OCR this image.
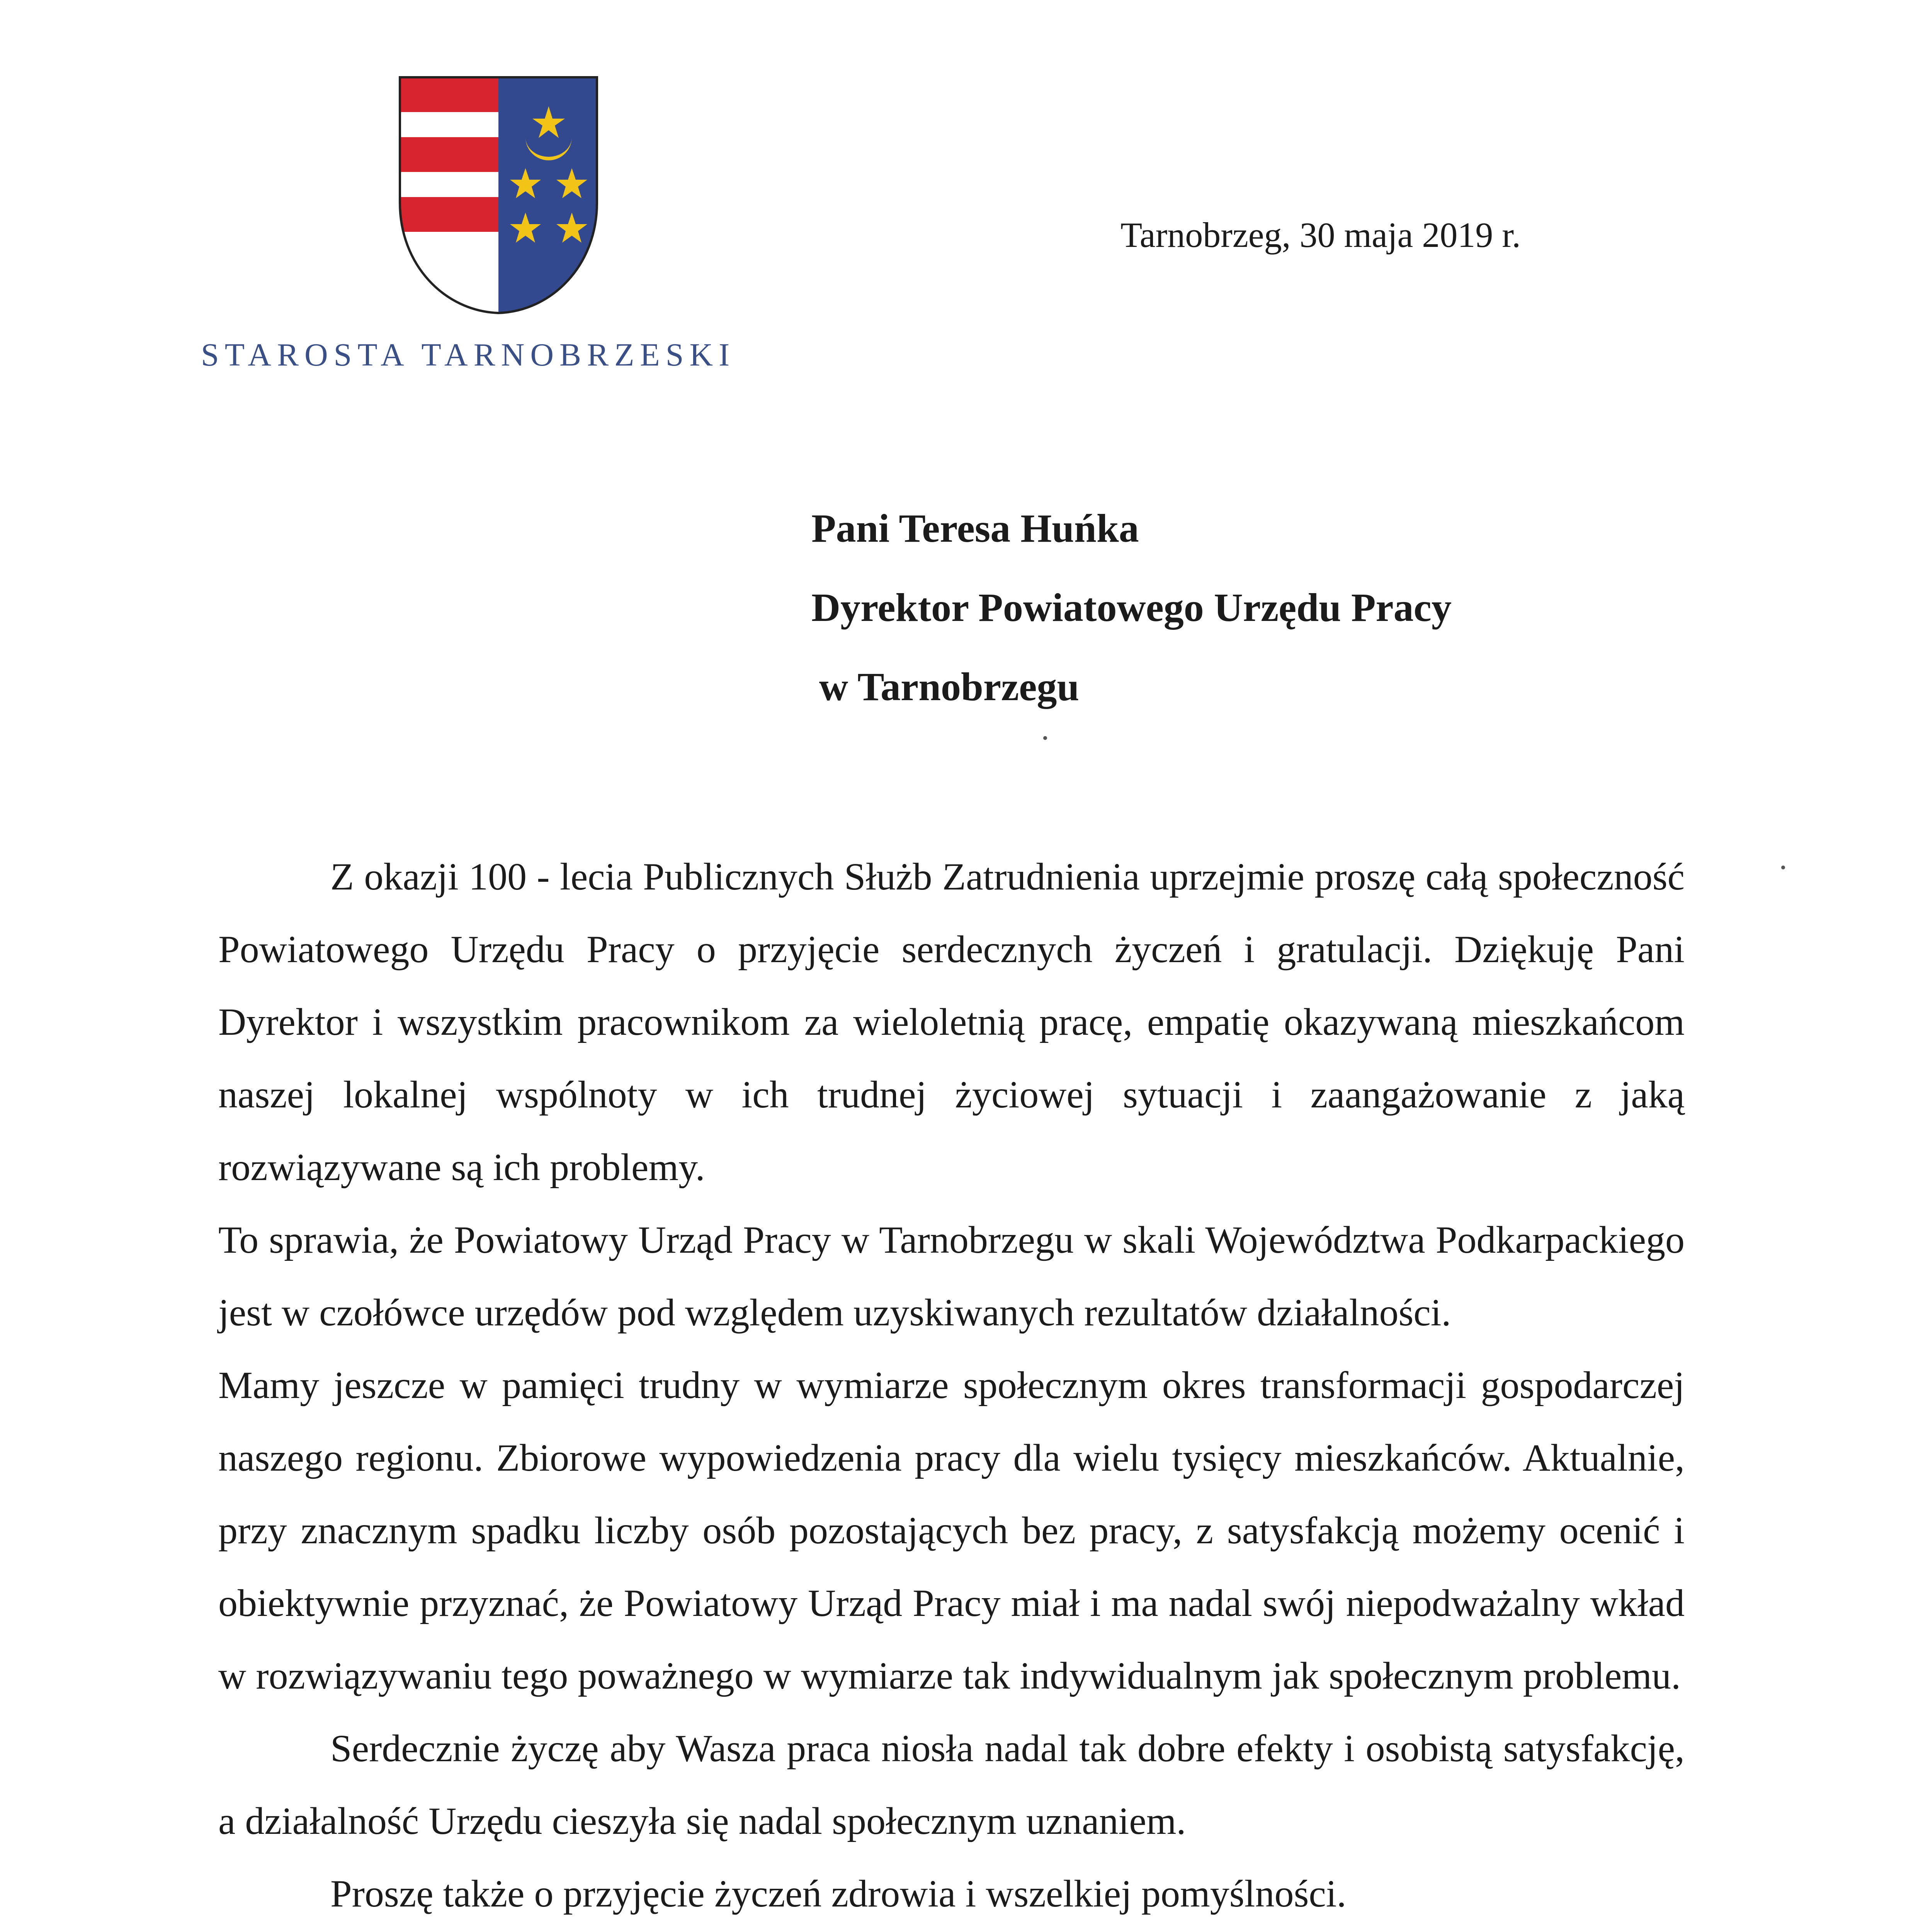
STAROSTA TARNOBRZESKI
Tarnobrzeg, 30 maja 2019 r.
Pani Teresa Huńka
Dyrektor Powiatowego Urzędu Pracy
w Tarnobrzegu

Z okazji 100 - lecia Publicznych Służb Zatrudnienia uprzejmie proszę całą społeczność Powiatowego Urzędu Pracy o przyjęcie serdecznych życzeń i gratulacji. Dziękuję Pani Dyrektor i wszystkim pracownikom za wieloletnią pracę, empatię okazywaną mieszkańcom naszej lokalnej wspólnoty w ich trudnej życiowej sytuacji i zaangażowanie z jaką rozwiązywane są ich problemy.

To sprawia, że Powiatowy Urząd Pracy w Tarnobrzegu w skali Województwa Podkarpackiego jest w czołówce urzędów pod względem uzyskiwanych rezultatów działalności.

Mamy jeszcze w pamięci trudny w wymiarze społecznym okres transformacji gospodarczej naszego regionu. Zbiorowe wypowiedzenia pracy dla wielu tysięcy mieszkańców. Aktualnie, przy znacznym spadku liczby osób pozostających bez pracy, z satysfakcją możemy ocenić i obiektywnie przyznać, że Powiatowy Urząd Pracy miał i ma nadal swój niepodważalny wkład w rozwiązywaniu tego poważnego w wymiarze tak indywidualnym jak społecznym problemu.

Serdecznie życzę aby Wasza praca niosła nadal tak dobre efekty i osobistą satysfakcję, a działalność Urzędu cieszyła się nadal społecznym uznaniem.

Proszę także o przyjęcie życzeń zdrowia i wszelkiej pomyślności.
